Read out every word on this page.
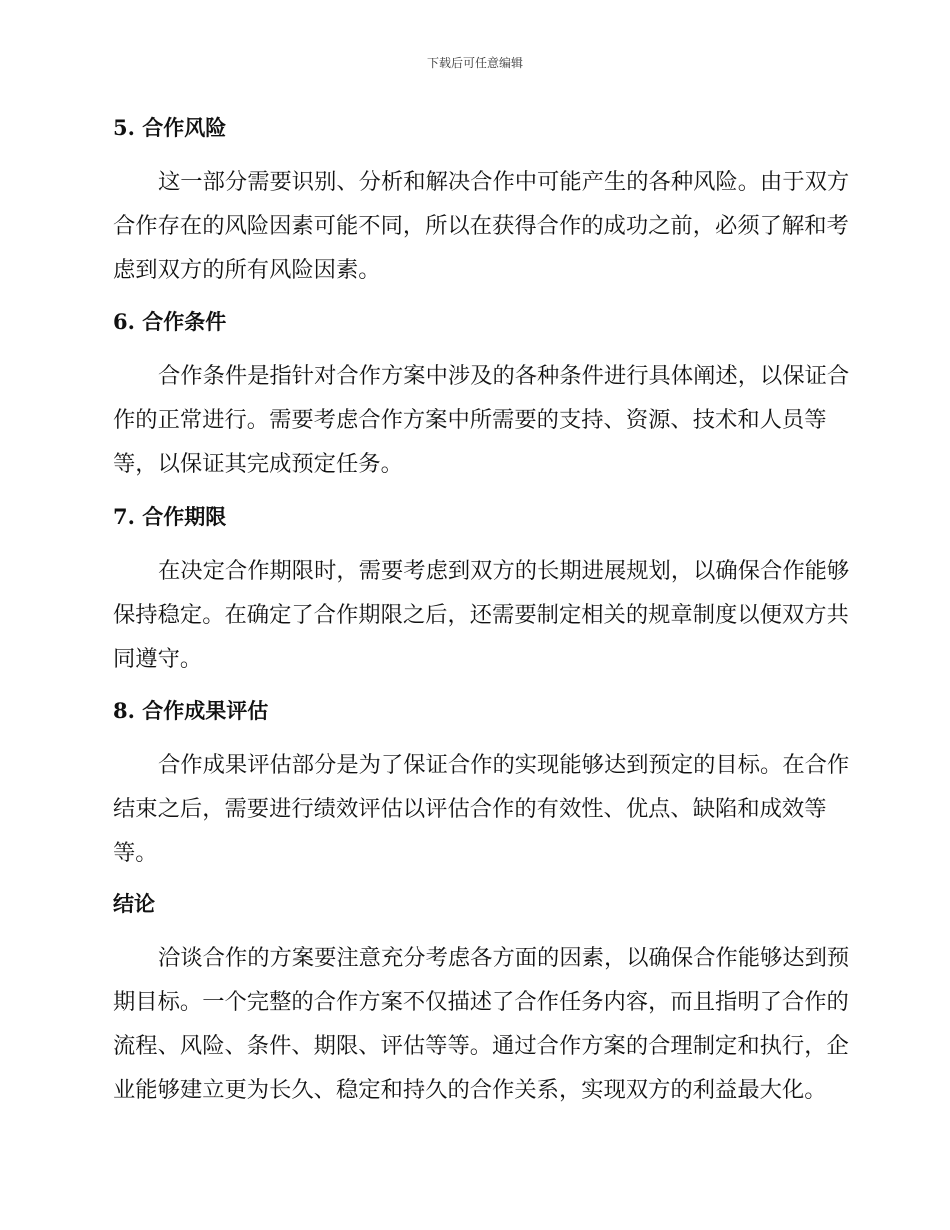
下载后可任意编辑
5. 合作风险
这一部分需要识别、分析和解决合作中可能产生的各种风险。由于双方
合作存在的风险因素可能不同，所以在获得合作的成功之前，必须了解和考
虑到双方的所有风险因素。
6. 合作条件
合作条件是指针对合作方案中涉及的各种条件进行具体阐述，以保证合
作的正常进行。需要考虑合作方案中所需要的支持、资源、技术和人员等
等，以保证其完成预定任务。
7. 合作期限
在决定合作期限时，需要考虑到双方的长期进展规划，以确保合作能够
保持稳定。在确定了合作期限之后，还需要制定相关的规章制度以便双方共
同遵守。
8. 合作成果评估
合作成果评估部分是为了保证合作的实现能够达到预定的目标。在合作
结束之后，需要进行绩效评估以评估合作的有效性、优点、缺陷和成效等
等。
结论
洽谈合作的方案要注意充分考虑各方面的因素，以确保合作能够达到预
期目标。一个完整的合作方案不仅描述了合作任务内容，而且指明了合作的
流程、风险、条件、期限、评估等等。通过合作方案的合理制定和执行，企
业能够建立更为长久、稳定和持久的合作关系，实现双方的利益最大化。
